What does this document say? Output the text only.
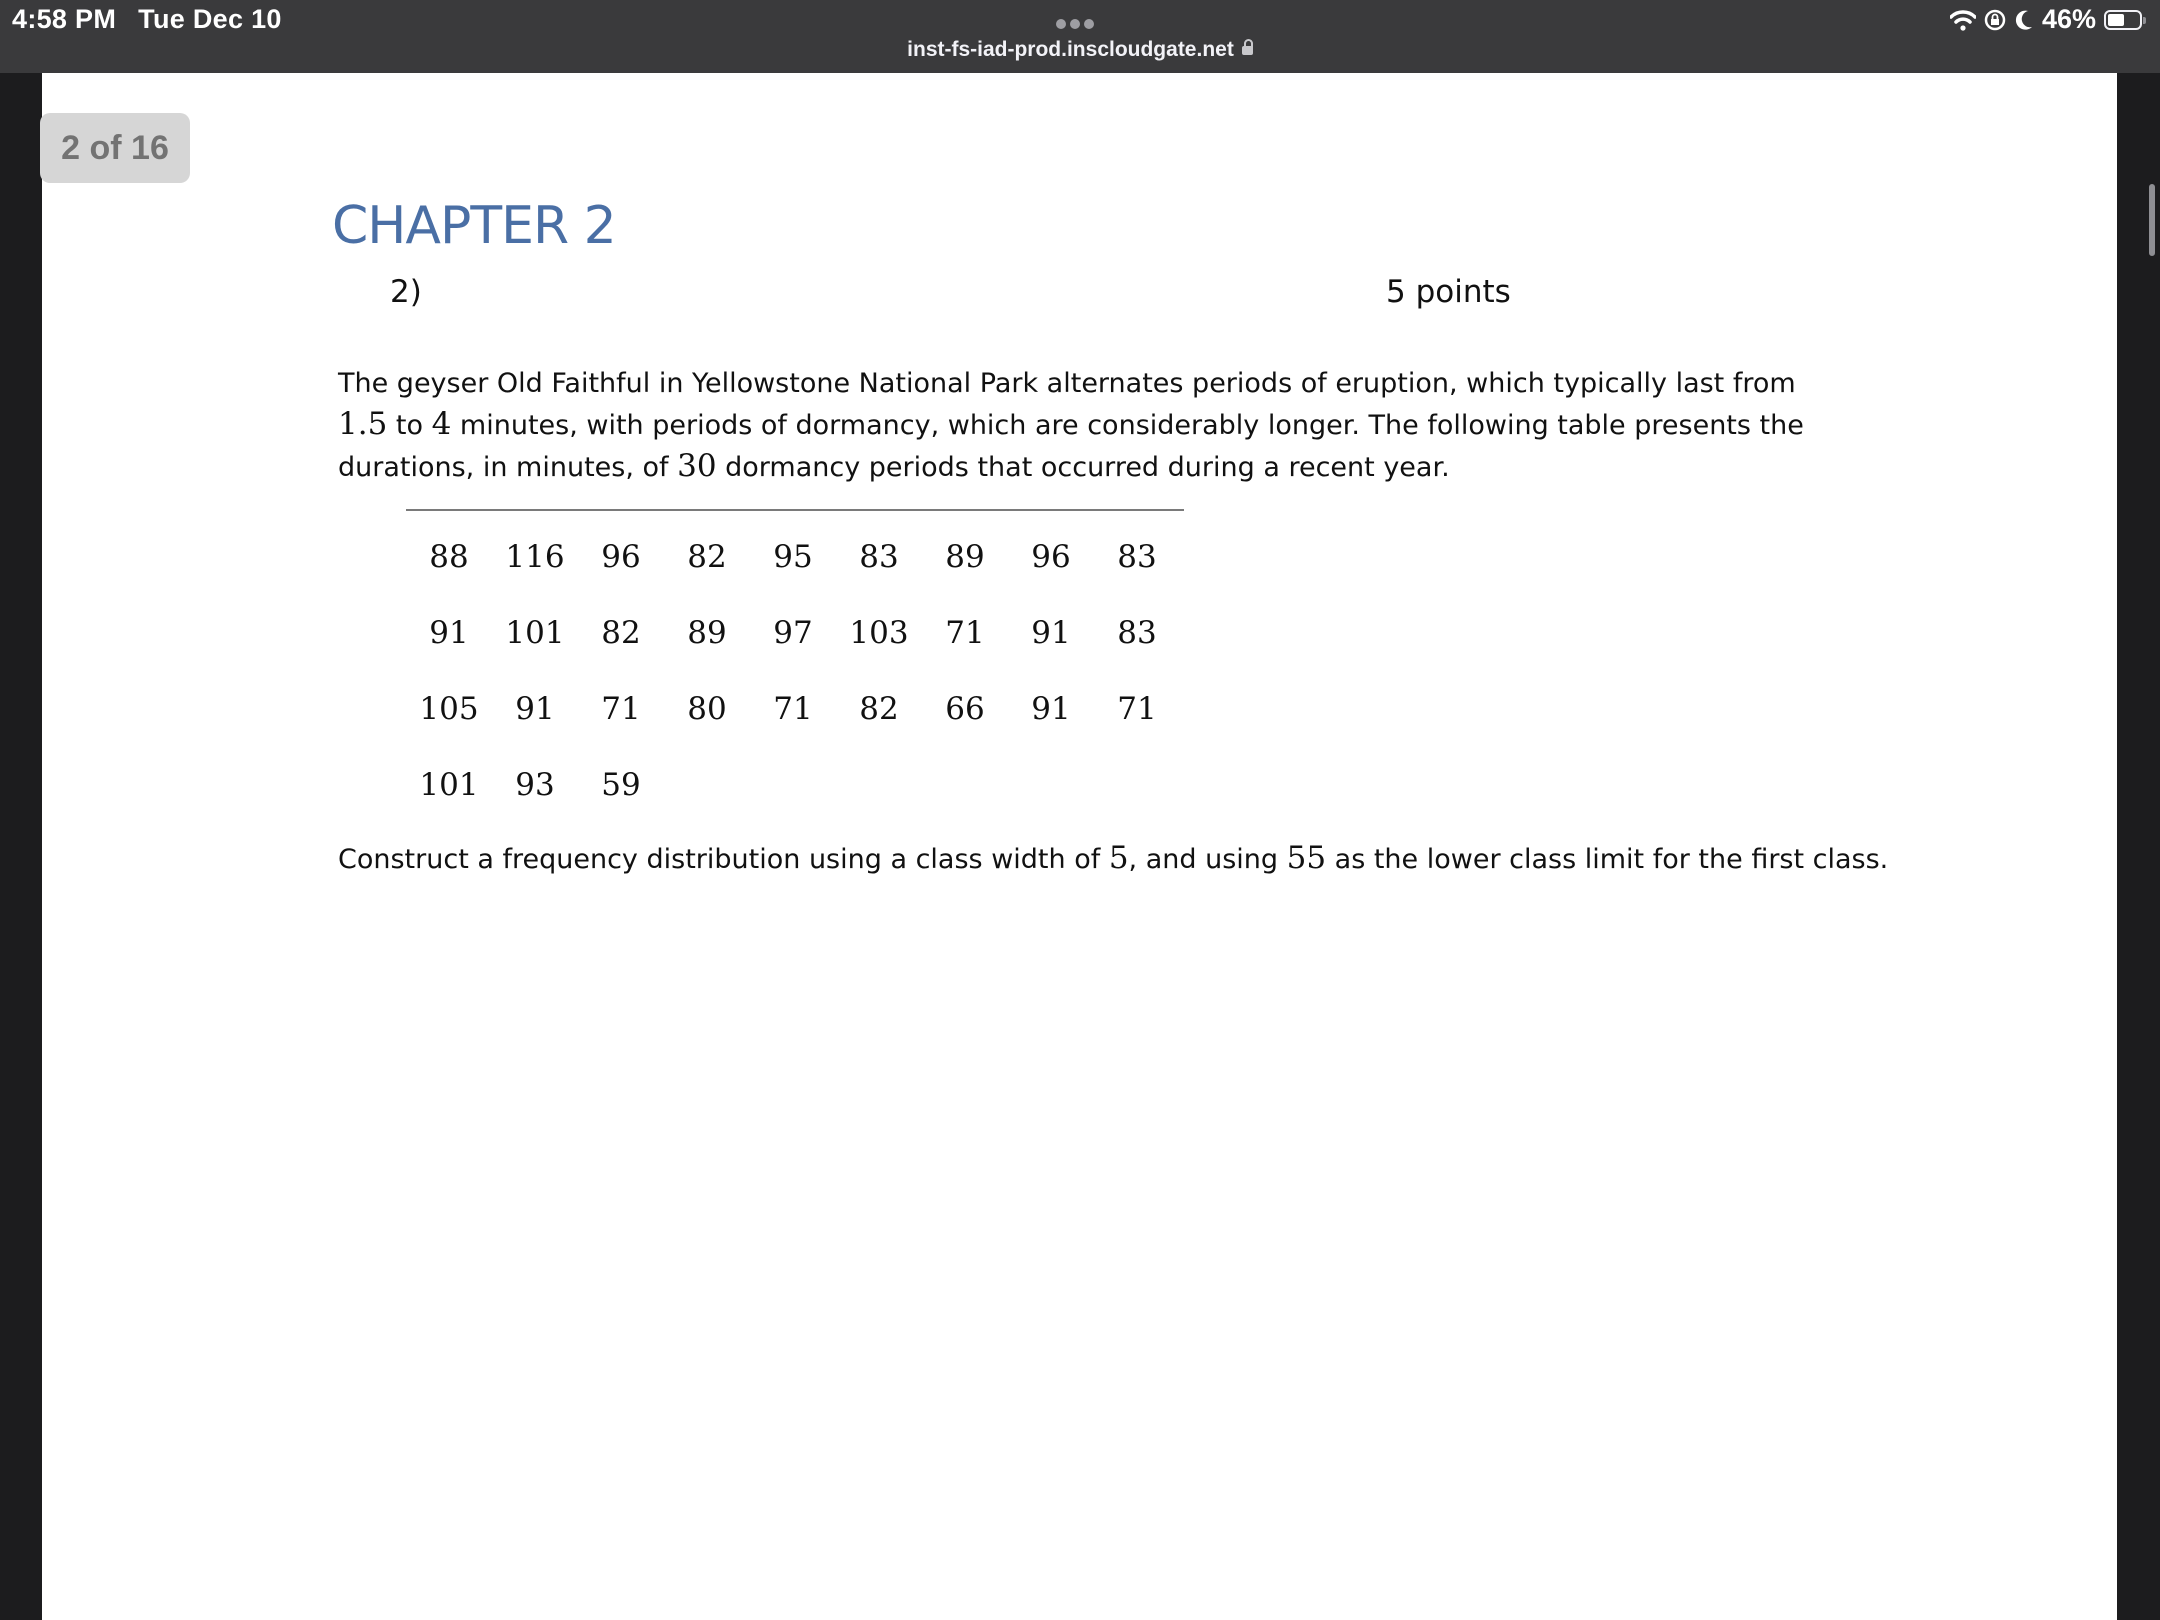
4:58 PM Tue Dec 10
inst-fs-iad-prod.inscloudgate.net
46%
2 of 16
CHAPTER 2
2)	5 points
The geyser Old Faithful in Yellowstone National Park alternates periods of eruption, which typically last from 1.5 to 4 minutes, with periods of dormancy, which are considerably longer. The following table presents the durations, in minutes, of 30 dormancy periods that occurred during a recent year.
88	116	96	82	95	83	89	96	83
91	101	82	89	97	103	71	91	83
105	91	71	80	71	82	66	91	71
101	93	59						
Construct a frequency distribution using a class width of 5, and using 55 as the lower class limit for the first class.
